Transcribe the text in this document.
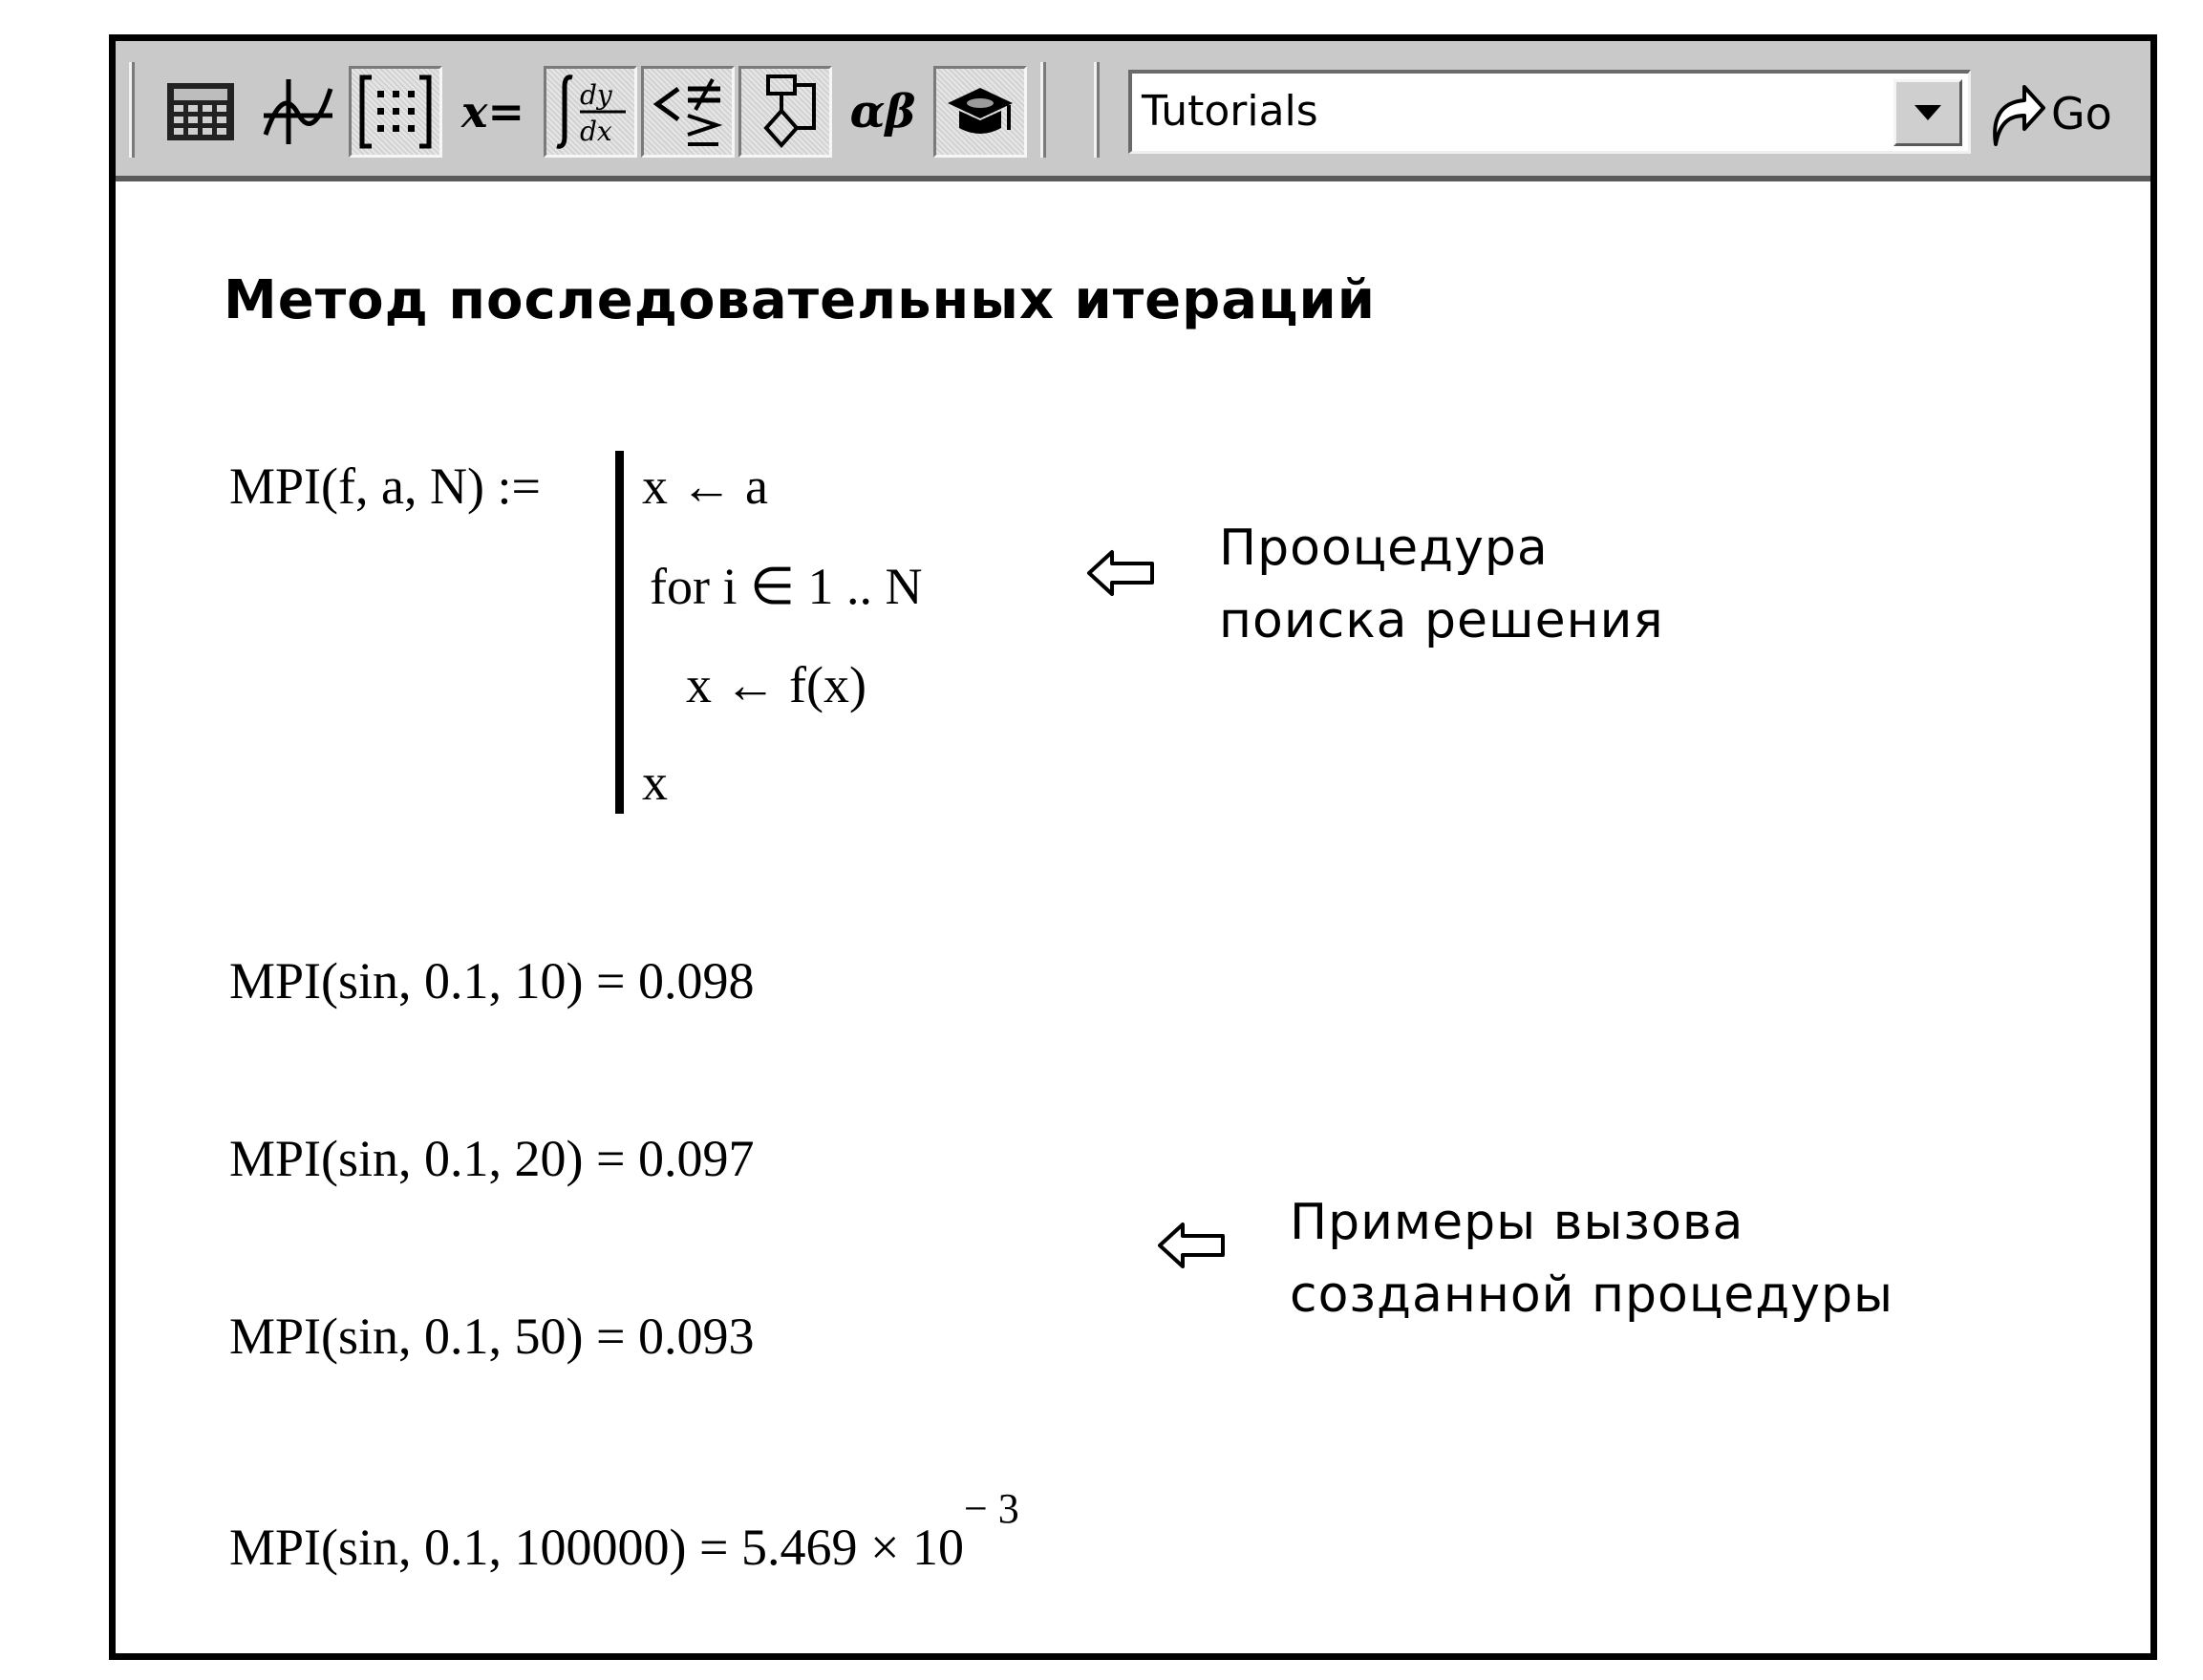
x= dy
dx	αβ	Tutorials	Go
Метод последовательных итераций
MPI(f, a, N) := x ← a
for i ∈ 1 .. N
x ← f(x)
x
Прооцедура
поиска решения
MPI(sin, 0.1, 10) = 0.098
MPI(sin, 0.1, 20) = 0.097
MPI(sin, 0.1, 50) = 0.093
MPI(sin, 0.1, $100000) = 5.469 \times 10^{- 3}$
Примеры вызова
созданной процедуры
